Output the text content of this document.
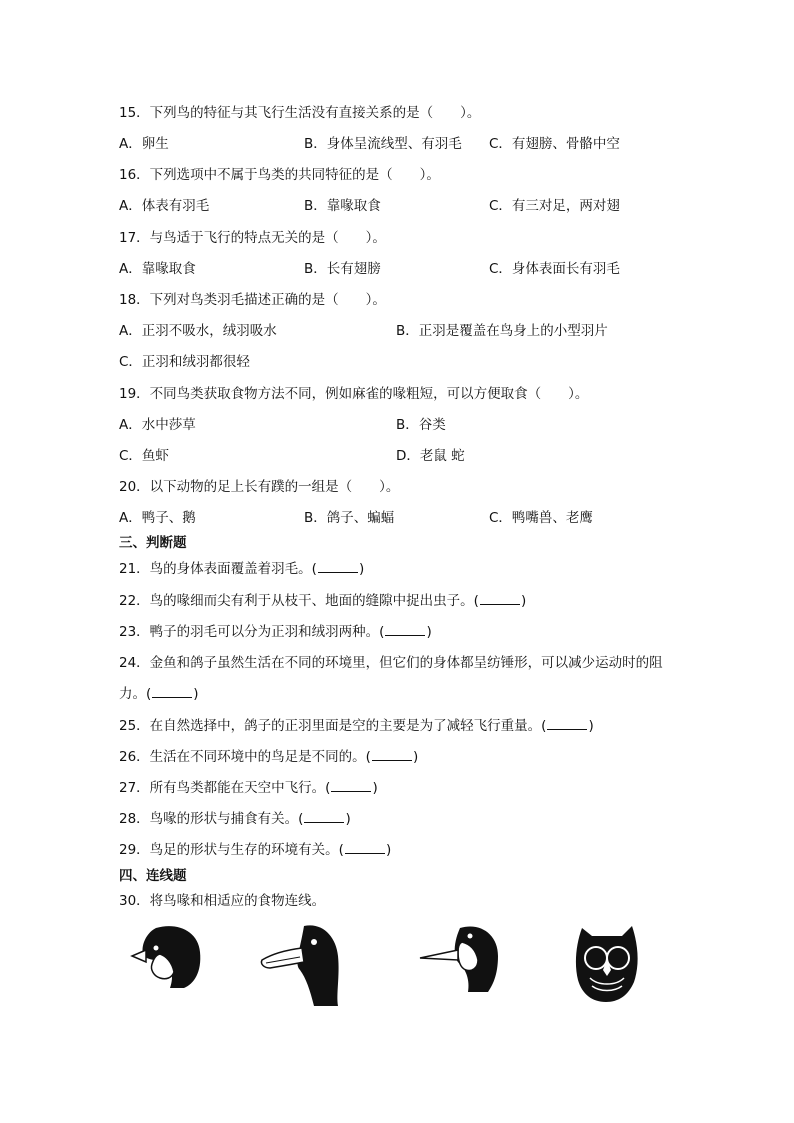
15．下列鸟的特征与其飞行生活没有直接关系的是（　　）。
A．卵生	B．身体呈流线型、有羽毛 C．有翅膀、骨骼中空
16．下列选项中不属于鸟类的共同特征的是（　　）。
A．体表有羽毛	B．靠喙取食	C．有三对足，两对翅
17．与鸟适于飞行的特点无关的是（　　）。
A．靠喙取食	B．长有翅膀	C．身体表面长有羽毛
18．下列对鸟类羽毛描述正确的是（　　）。
A．正羽不吸水，绒羽吸水	B．正羽是覆盖在鸟身上的小型羽片
C．正羽和绒羽都很轻
19．不同鸟类获取食物方法不同，例如麻雀的喙粗短，可以方便取食（　　）。
A．水中莎草	B．谷类
C．鱼虾	D．老鼠 蛇
20．以下动物的足上长有蹼的一组是（　　）。
A．鸭子、鹅	B．鸽子、蝙蝠	C．鸭嘴兽、老鹰
三、判断题
21．鸟的身体表面覆盖着羽毛。(	)
22．鸟的喙细而尖有利于从枝干、地面的缝隙中捉出虫子。(	)
23．鸭子的羽毛可以分为正羽和绒羽两种。(	)
24．金鱼和鸽子虽然生活在不同的环境里，但它们的身体都呈纺锤形，可以减少运动时的阻
力。(	)
25．在自然选择中，鸽子的正羽里面是空的主要是为了减轻飞行重量。(	)
26．生活在不同环境中的鸟足是不同的。(	)
27．所有鸟类都能在天空中飞行。(	)
28．鸟喙的形状与捕食有关。(	)
29．鸟足的形状与生存的环境有关。(	)
四、连线题
30．将鸟喙和相适应的食物连线。
